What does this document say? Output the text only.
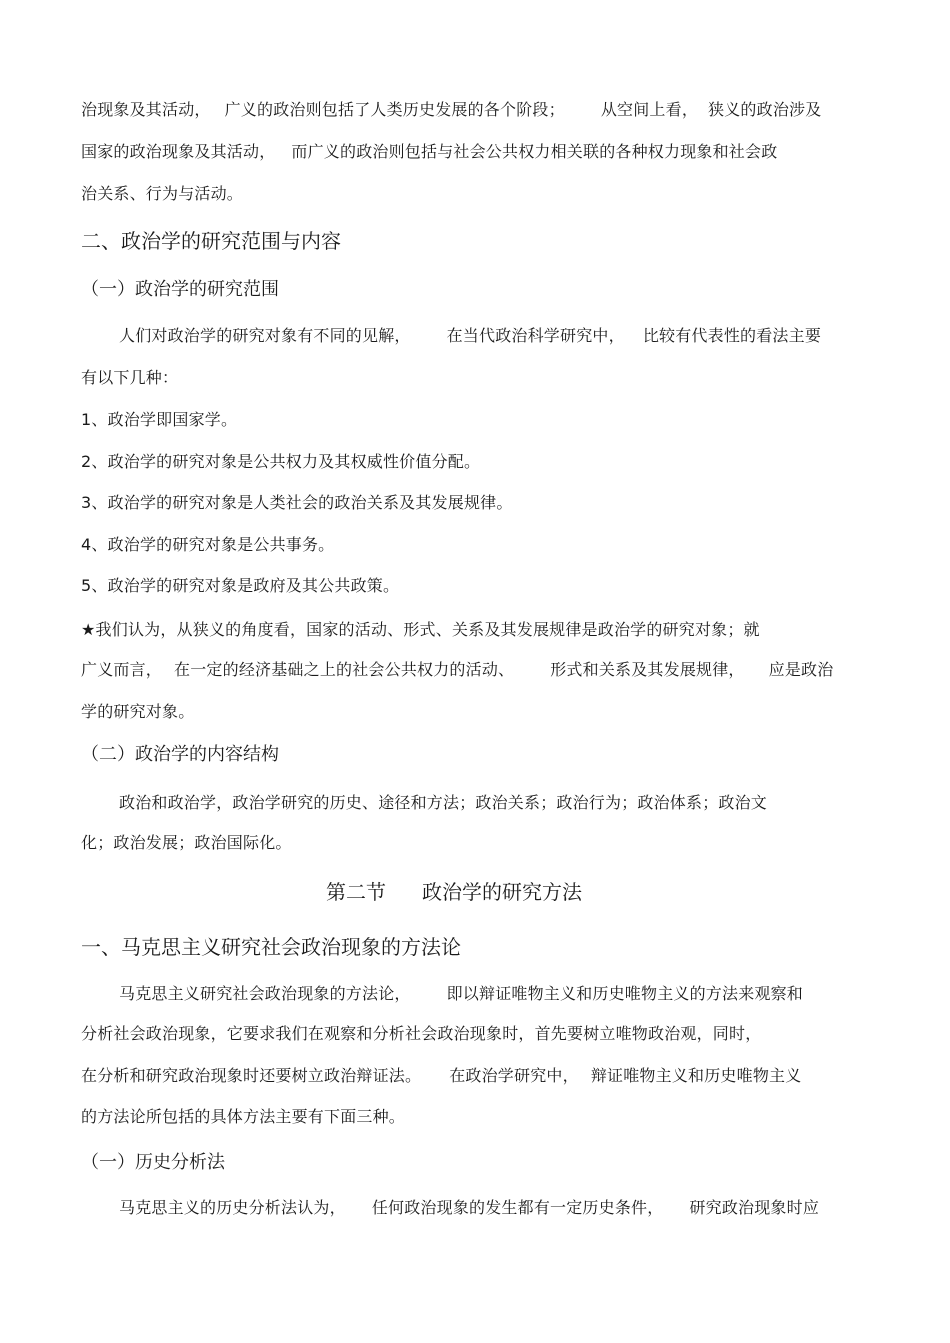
治现象及其活动， 广义的政治则包括了人类历史发展的各个阶段； 从空间上看， 狭义的政治涉及
国家的政治现象及其活动， 而广义的政治则包括与社会公共权力相关联的各种权力现象和社会政
治关系、行为与活动。
二、政治学的研究范围与内容
（一）政治学的研究范围
人们对政治学的研究对象有不同的见解， 在当代政治科学研究中， 比较有代表性的看法主要
有以下几种：
1、政治学即国家学。
2、政治学的研究对象是公共权力及其权威性价值分配。
3、政治学的研究对象是人类社会的政治关系及其发展规律。
4、政治学的研究对象是公共事务。
5、政治学的研究对象是政府及其公共政策。
★我们认为，从狭义的角度看，国家的活动、形式、关系及其发展规律是政治学的研究对象；就
广义而言， 在一定的经济基础之上的社会公共权力的活动、 形式和关系及其发展规律， 应是政治
学的研究对象。
（二）政治学的内容结构
政治和政治学，政治学研究的历史、途径和方法；政治关系；政治行为；政治体系；政治文
化；政治发展；政治国际化。
第二节 政治学的研究方法
一、马克思主义研究社会政治现象的方法论
马克思主义研究社会政治现象的方法论， 即以辩证唯物主义和历史唯物主义的方法来观察和
分析社会政治现象，它要求我们在观察和分析社会政治现象时，首先要树立唯物政治观，同时，
在分析和研究政治现象时还要树立政治辩证法。 在政治学研究中， 辩证唯物主义和历史唯物主义
的方法论所包括的具体方法主要有下面三种。
（一）历史分析法
马克思主义的历史分析法认为， 任何政治现象的发生都有一定历史条件， 研究政治现象时应
